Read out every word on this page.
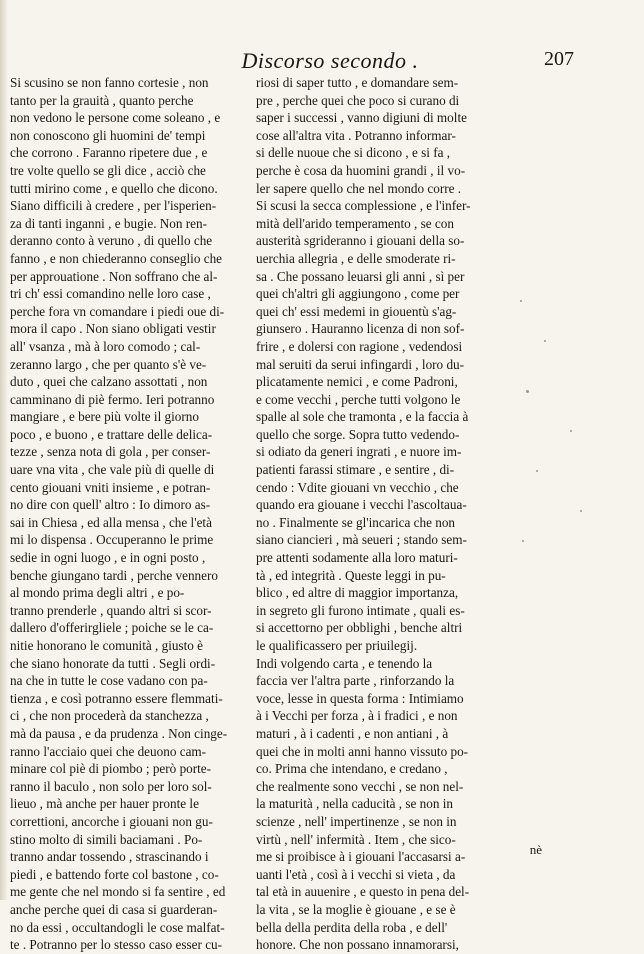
Discorso secondo .	207
Si scusino se non fanno cortesie , non
tanto per la grauità , quanto perche
non vedono le persone come soleano , e
non conoscono gli huomini de' tempi
che corrono . Faranno ripetere due , e
tre volte quello se gli dice , acciò che
tutti mirino come , e quello che dicono.
Siano difficili à credere , per l'isperien-
za di tanti inganni , e bugie. Non ren-
deranno conto à veruno , di quello che
fanno , e non chiederanno conseglio che
per approuatione . Non soffrano che al-
tri ch' essi comandino nelle loro case ,
perche fora vn comandare i piedi oue di-
mora il capo . Non siano obligati vestir
all' vsanza , mà à loro comodo ; cal-
zeranno largo , che per quanto s'è ve-
duto , quei che calzano assottati , non
camminano di piè fermo. Ieri potranno
mangiare , e bere più volte il giorno
poco , e buono , e trattare delle delica-
tezze , senza nota di gola , per conser-
uare vna vita , che vale più di quelle di
cento giouani vniti insieme , e potran-
no dire con quell' altro : Io dimoro as-
sai in Chiesa , ed alla mensa , che l'età
mi lo dispensa . Occuperanno le prime
sedie in ogni luogo , e in ogni posto ,
benche giungano tardi , perche vennero
al mondo prima degli altri , e po-
tranno prenderle , quando altri si scor-
dallero d'offerirgliele ; poiche se le ca-
nitie honorano le comunità , giusto è
che siano honorate da tutti . Segli ordi-
na che in tutte le cose vadano con pa-
tienza , e così potranno essere flemmati-
ci , che non procederà da stanchezza ,
mà da pausa , e da prudenza . Non cinge-
ranno l'acciaio quei che deuono cam-
minare col piè di piombo ; però porte-
ranno il baculo , non solo per loro sol-
lieuo , mà anche per hauer pronte le
correttioni, ancorche i giouani non gu-
stino molto di simili baciamani . Po-
tranno andar tossendo , strascinando i
piedi , e battendo forte col bastone , co-
me gente che nel mondo si fa sentire , ed
anche perche quei di casa si guarderan-
no da essi , occultandogli le cose malfat-
te . Potranno per lo stesso caso esser cu-
riosi di saper tutto , e domandare sem-
pre , perche quei che poco si curano di
saper i successi , vanno digiuni di molte
cose all'altra vita . Potranno informar-
si delle nuoue che si dicono , e si fa ,
perche è cosa da huomini grandi , il vo-
ler sapere quello che nel mondo corre .
Si scusi la secca complessione , e l'infer-
mità dell'arido temperamento , se con
austerità sgrideranno i giouani della so-
uerchia allegria , e delle smoderate ri-
sa . Che possano leuarsi gli anni , sì per
quei ch'altri gli aggiungono , come per
quei ch' essi medemi in giouentù s'ag-
giunsero . Hauranno licenza di non sof-
frire , e dolersi con ragione , vedendosi
mal seruiti da serui infingardi , loro du-
plicatamente nemici , e come Padroni,
e come vecchi , perche tutti volgono le
spalle al sole che tramonta , e la faccia à
quello che sorge. Sopra tutto vedendo-
si odiato da generi ingrati , e nuore im-
patienti farassi stimare , e sentire , di-
cendo : Vdite giouani vn vecchio , che
quando era giouane i vecchi l'ascoltaua-
no . Finalmente se gl'incarica che non
siano ciancieri , mà seueri ; stando sem-
pre attenti sodamente alla loro maturi-
tà , ed integrità . Queste leggi in pu-
blico , ed altre di maggior importanza,
in segreto gli furono intimate , quali es-
si accettorno per obblighi , benche altri
le qualificassero per priuilegij.
Indi volgendo carta , e tenendo la
faccia ver l'altra parte , rinforzando la
voce, lesse in questa forma : Intimiamo
à i Vecchi per forza , à i fradici , e non
maturi , à i cadenti , e non antiani , à
quei che in molti anni hanno vissuto po-
co. Prima che intendano, e credano ,
che realmente sono vecchi , se non nel-
la maturità , nella caducità , se non in
scienze , nell' impertinenze , se non in
virtù , nell' infermità . Item , che sico-
me si proibisce à i giouani l'accasarsi a-
uanti l'età , così à i vecchi si vieta , da
tal età in auuenire , e questo in pena del-
la vita , se la moglie è giouane , e se è
bella della perdita della roba , e dell'
honore. Che non possano innamorarsi,
nè
